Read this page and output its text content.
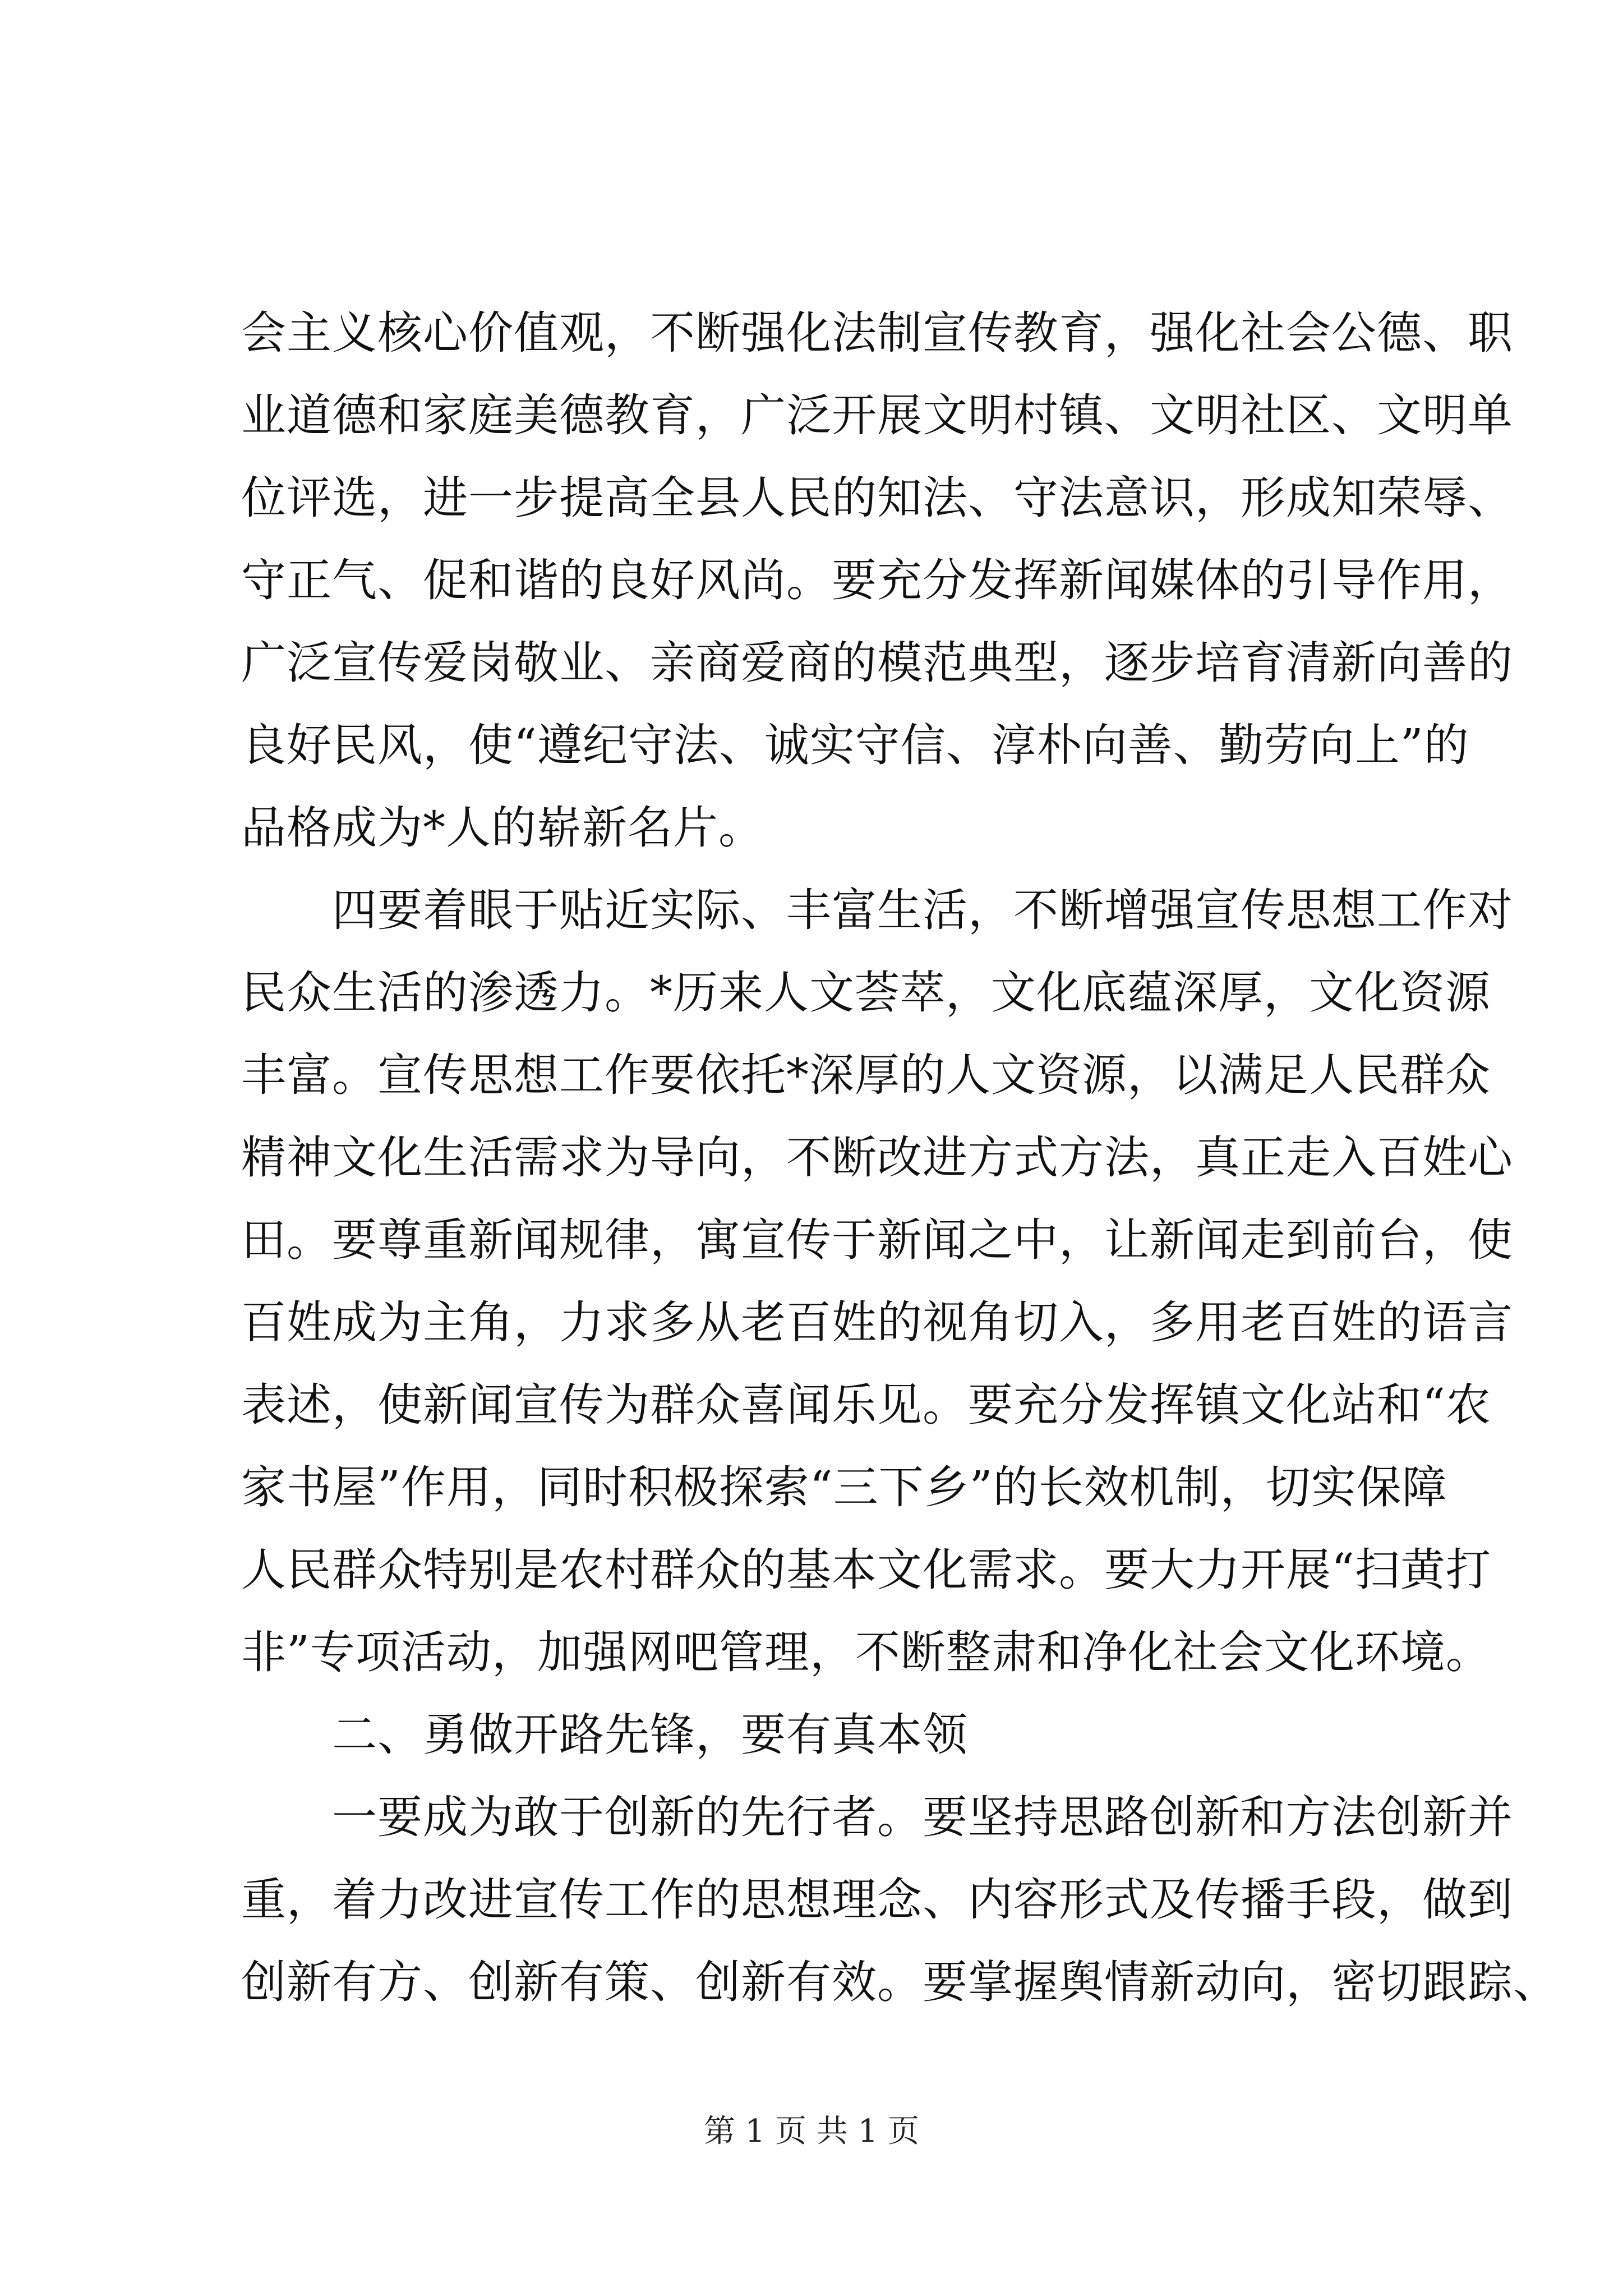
会主义核心价值观，不断强化法制宣传教育，强化社会公德、职
业道德和家庭美德教育，广泛开展文明村镇、文明社区、文明单
位评选，进一步提高全县人民的知法、守法意识，形成知荣辱、
守正气、促和谐的良好风尚。要充分发挥新闻媒体的引导作用，
广泛宣传爱岗敬业、亲商爱商的模范典型，逐步培育清新向善的
良好民风，使“遵纪守法、诚实守信、淳朴向善、勤劳向上”的
品格成为*人的崭新名片。
　　四要着眼于贴近实际、丰富生活，不断增强宣传思想工作对
民众生活的渗透力。*历来人文荟萃，文化底蕴深厚，文化资源
丰富。宣传思想工作要依托*深厚的人文资源，以满足人民群众
精神文化生活需求为导向，不断改进方式方法，真正走入百姓心
田。要尊重新闻规律，寓宣传于新闻之中，让新闻走到前台，使
百姓成为主角，力求多从老百姓的视角切入，多用老百姓的语言
表述，使新闻宣传为群众喜闻乐见。要充分发挥镇文化站和“农
家书屋”作用，同时积极探索“三下乡”的长效机制，切实保障
人民群众特别是农村群众的基本文化需求。要大力开展“扫黄打
非”专项活动，加强网吧管理，不断整肃和净化社会文化环境。
　　二、勇做开路先锋，要有真本领
　　一要成为敢于创新的先行者。要坚持思路创新和方法创新并
重，着力改进宣传工作的思想理念、内容形式及传播手段，做到
创新有方、创新有策、创新有效。要掌握舆情新动向，密切跟踪、
第 1 页 共 1 页
